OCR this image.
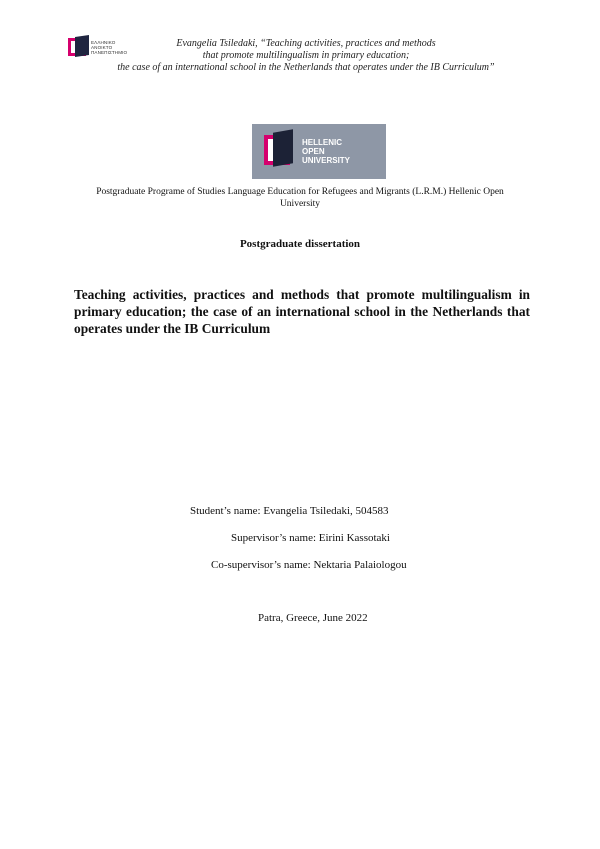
ΕΛΛΗΝΙΚΟ
ΑΝΟΙΚΤΟ
ΠΑΝΕΠΙΣΤΗΜΙΟ
Evangelia Tsiledaki, “Teaching activities, practices and methods
that promote multilingualism in primary education;
the case of an international school in the Netherlands that operates under the IB Curriculum”
HELLENIC
OPEN
UNIVERSITY
Postgraduate Programe of Studies Language Education for Refugees and Migrants (L.R.M.) Hellenic Open University
Postgraduate dissertation
Teaching activities, practices and methods that promote multilingualism in primary education; the case of an international school in the Netherlands that operates under the IB Curriculum
Student’s name: Evangelia Tsiledaki, 504583
Supervisor’s name: Eirini Kassotaki
Co-supervisor’s name: Nektaria Palaiologou
Patra, Greece, June 2022
